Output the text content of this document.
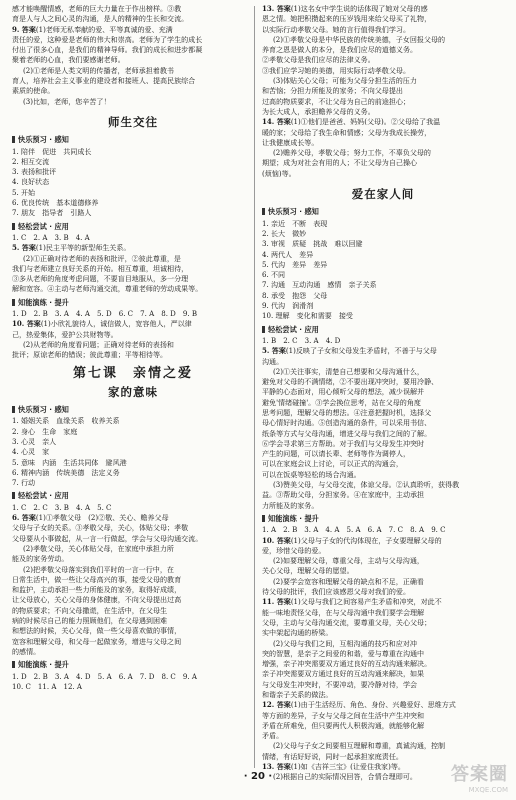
感才能唤醒情感，老师的巨大力量在于作出榜样。③教

育是人与人之间心灵的沟通，是人的精神的生长和交流。

9. 答案(1)老师无私奉献的爱、平等真诚的爱、充满

责任的爱，这种爱是老师的伟大和崇高。老师为了学生的成长

付出了很多心血，是我们的精神导师。我们的成长和进步都凝

聚着老师的心血，我们要感谢老师。

(2)①老师是人类文明的传播者，老师承担着教书

育人，培养社会主义事业的建设者和接班人、提高民族综合

素质的使命。

(3)比如，老师，您辛苦了！

师生交往
快乐预习 · 感知

1. 陪伴　促进　共同成长

2. 相互交流

3. 表扬和批评

4. 良好状态

5. 开始

6. 优良传统　基本道德修养

7. 朋友　指导者　引路人

轻松尝试 · 应用

1. C　2. A　3. B　4. A

5. 答案(1)民主平等的新型师生关系。

(2)①正确对待老师的表扬和批评，②彼此尊重，是

我们与老师建立良好关系的开始。相互尊重，坦诚相待，

③多从老师的角度考虑问题，不要盲目地服从，多一分理

解和宽容。④主动与老师沟通交流，尊重老师的劳动成果等。

知能演练 · 提升

1. D　2. B　3. A　4. A　5. D　6. C　7. A　8. D　9. B

10. 答案(1)小欣礼貌待人，诚信做人，宽容他人，严以律

己，热爱集体，爱护公共财物等。

(2)从老师的角度看问题；正确对待老师的表扬和

批评；原谅老师的错误；彼此尊重；平等相待等。

第七课　亲情之爱
家的意味
快乐预习 · 感知

1. 婚姻关系　血缘关系　收养关系

2. 身心　生命　家庭

3. 心灵　亲人

4. 心灵　家

5. 意味　内涵　生活共同体　避风港

6. 精神内涵　传统美德　法定义务

7. 行动

轻松尝试 · 应用

1. C　2. C　3. B　4. A　5. C

6. 答案(1)①孝敬父母　(2)②敬、关心、赡养父母

父母与子女的关系。③孝敬父母，关心，体贴父母；孝敬

父母要从小事做起，从一言一行做起，学会与父母沟通交流。

(2)孝敬父母，关心体贴父母，在家庭中承担力所

能及的家务劳动。

(2)把孝敬父母落实到我们平时的一言一行中，在

日常生活中，做一些让父母高兴的事，接受父母的教育

和监护，主动承担一些力所能及的家务，取得好成绩，

让父母放心，关心父母的身体健康，不向父母提出过高

的物质要求；不向父母撒谎，在生活中，在父母生

病的时候尽自己的能力照顾他们，在父母遇到困难

和想法的时候，关心父母，做一些父母喜欢做的事情，

宽容和理解父母，和父母一起做家务，增进与父母之间

的感情。

知能演练 · 提升

1. D　2. B　3. A　4. D　5. A　6. A　7. D　8. C　9. A

10. C　11. A　12. A

13. 答案(1)这名女中学生说的话体现了她对父母的感

恩之情。她把积攒起来的压岁钱用来给父母买了礼物，

以实际行动孝敬父母。她的言行值得我们学习。

(2)①孝敬父母是中华民族的传统美德，子女回报父母的

养育之恩是做人的本分，是我们应尽的道德义务。

②孝敬父母是我们应尽的法律义务。

③我们应学习她的美德，用实际行动孝敬父母。

(3)体贴关心父母；可能为父母分担生活的压力

和苦恼；分担力所能及的家务；不向父母提出

过高的物质要求，不让父母为自己的前途担心；

为长大成人，承担赡养父母的义务。

14. 答案(1)①他们是爸爸、妈妈(父母)。②父母给了我温

暖的家；父母给了我生命和情感；父母为我成长操劳，

让我健康成长等。

(2)赡养父母，孝敬父母；努力工作，不辜负父母的

期望；成为对社会有用的人；不让父母为自己操心

(烦恼)等。

爱在家人间
快乐预习 · 感知

1. 亲近　不断　表现

2. 长大　微妙

3. 审视　质疑　挑战　难以回避

4. 两代人　差异

5. 代沟　差异　差异

6. 不同

7. 沟通　互动沟通　感情　亲子关系

8. 承受　抱怨　父母

9. 代沟　润滑剂

10. 理解　变化和需要　接受

轻松尝试 · 应用

1. B　2. C　3. A　4. D

5. 答案(1)反映了子女和父母发生矛盾时，不善于与父母

沟通。

(2)①关注事实，清楚自己想要和父母沟通什么，

避免对父母的不满情绪，②不要出现冲突时，要用冷静、

平静的心态面对，用心倾听父母的想法，减少误解并

避免'情绪碰撞'。③学会换位思考，站在父母的角度

思考问题，理解父母的想法。④注意把握时机，选择父

母心情好时沟通。⑤创造沟通的条件，可以采用书信、

纸条等方式与父母沟通，增进父母与我们之间的了解。

⑥学会寻求第三方帮助。对于我们与父母发生冲突时

产生的问题，可以请长辈、老师等作为调停人，

可以在家庭会议上讨论，可以正式的沟通会，

可以在饭桌等轻松的场合沟通。

(3)赞美父母，与父母交流，体谅父母。②认真聆听，获得教

益。③帮助父母，分担家务。④在家庭中，主动承担

力所能及的家务。

知能演练 · 提升

1. A　2. B　3. A　4. A　5. A　6. A　7. C　8. A　9. C

10. 答案(1)父母与子女的代沟体现在，子女要理解父母的

爱，珍惜父母的爱。

(2)如要理解父母，尊重父母，主动与父母沟通，

关心父母，理解父母的愿望。

(2)要学会宽容和理解父母的缺点和不足，正确看

待父母的批评，我们应该感恩父母对我们的爱。

11. 答案(1)父母与我们之间容易产生矛盾和冲突，对此不

能一味地责怪父母，在与父母沟通中我们要学会理解

父母，主动与父母沟通交流，要尊重父母，关心父母；

实中架起沟通的桥梁。

(2)父母与我们之间，互相沟通的技巧和应对冲

突的智慧，是亲子之间爱的和谐，爱与尊重在沟通中

增强，亲子冲突需要双方通过良好的互动沟通来解决。

亲子冲突需要双方通过良好的互动沟通来解决，如果

与父母发生冲突时，不要冲动，要冷静对待，学会

和谐亲子关系的做法。

12. 答案(1)由于生活经历、角色、身份、兴趣爱好、思维方式

等方面的差异，子女与父母之间在生活中产生冲突和

矛盾在所难免，但只要两代人积极沟通，就能够化解

矛盾。

(2)父母与子女之间要相互理解和尊重，真诚沟通，控制

情绪，有话好好说，同时一起承担家庭责任。

13. 答案(1)如《吉祥三宝》(让爱住我家)等。

(2)根据自己的实际情况回答，合情合理即可。

· 20 ·	答案圈
MXQE.COM
